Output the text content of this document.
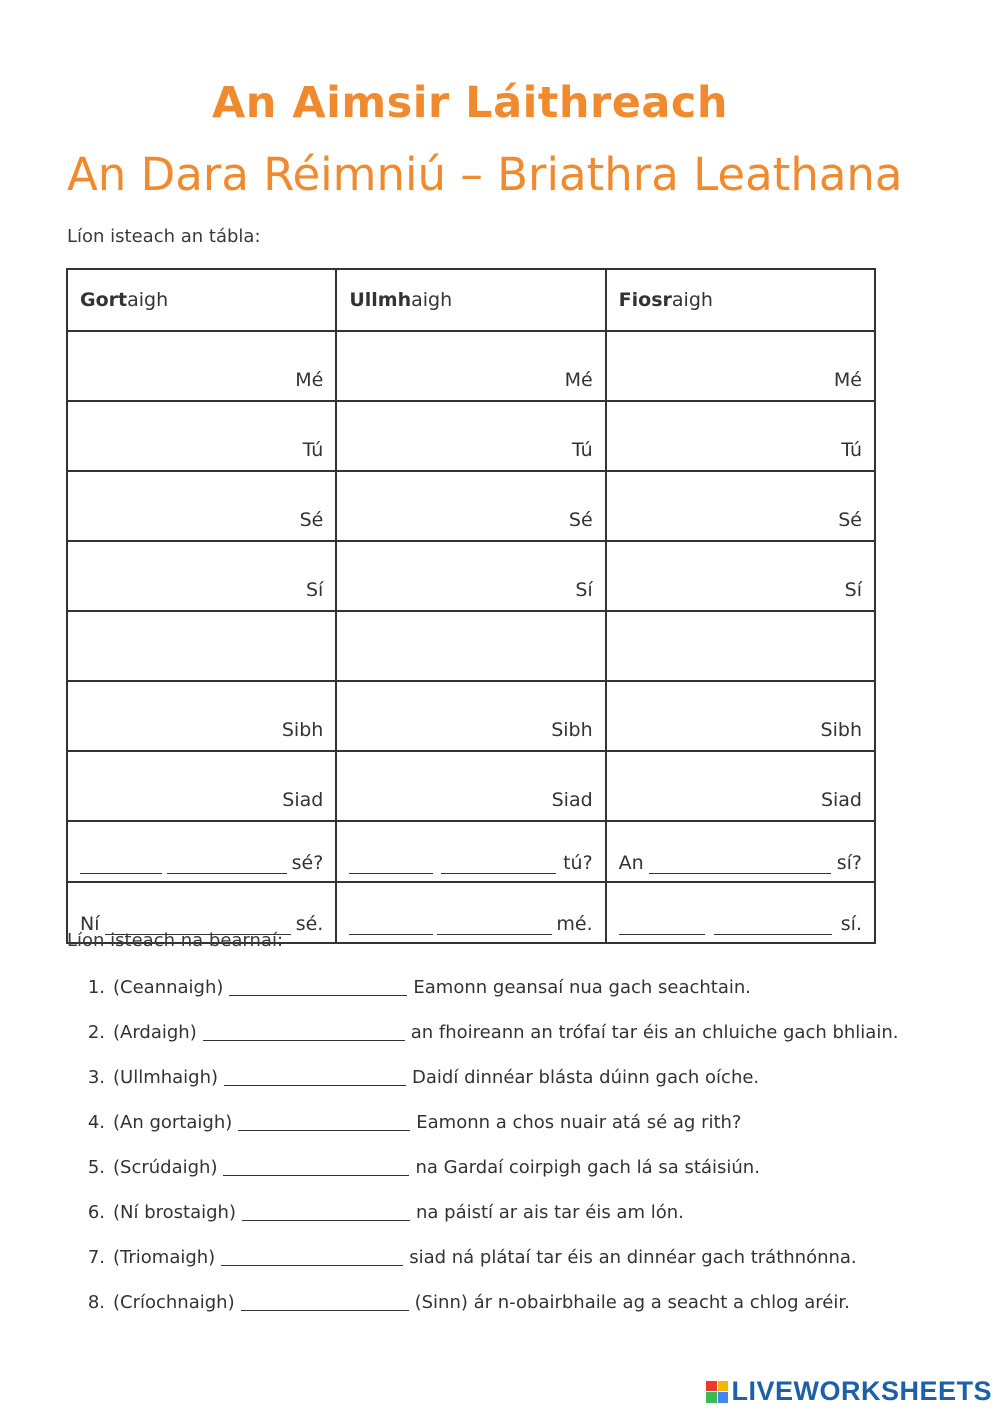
An Aimsir Láithreach
An Dara Réimniú – Briathra Leathana
Líon isteach an tábla:
Gortaigh	Ullmhaigh	Fiosraigh
Mé	Mé	Mé
Tú	Tú	Tú
Sé	Sé	Sé
Sí	Sí	Sí

Sibh	Sibh	Sibh
Siad	Siad	Siad

sé?	tú?	An sí?

Ní sé.	mé.	sí.
Líon isteach na bearnaí:
1. (Ceannaigh)	Eamonn geansaí nua gach seachtain.
2. (Ardaigh)	an fhoireann an trófaí tar éis an chluiche gach bhliain.
3. (Ullmhaigh)	Daidí dinnéar blásta dúinn gach oíche.
4. (An gortaigh)	Eamonn a chos nuair atá sé ag rith?
5. (Scrúdaigh)	na Gardaí coirpigh gach lá sa stáisiún.
6. (Ní brostaigh)	na páistí ar ais tar éis am lón.
7. (Triomaigh)	siad ná plátaí tar éis an dinnéar gach tráthnónna.
8. (Críochnaigh)	(Sinn) ár n-obairbhaile ag a seacht a chlog aréir.
LIVEWORKSHEETS
